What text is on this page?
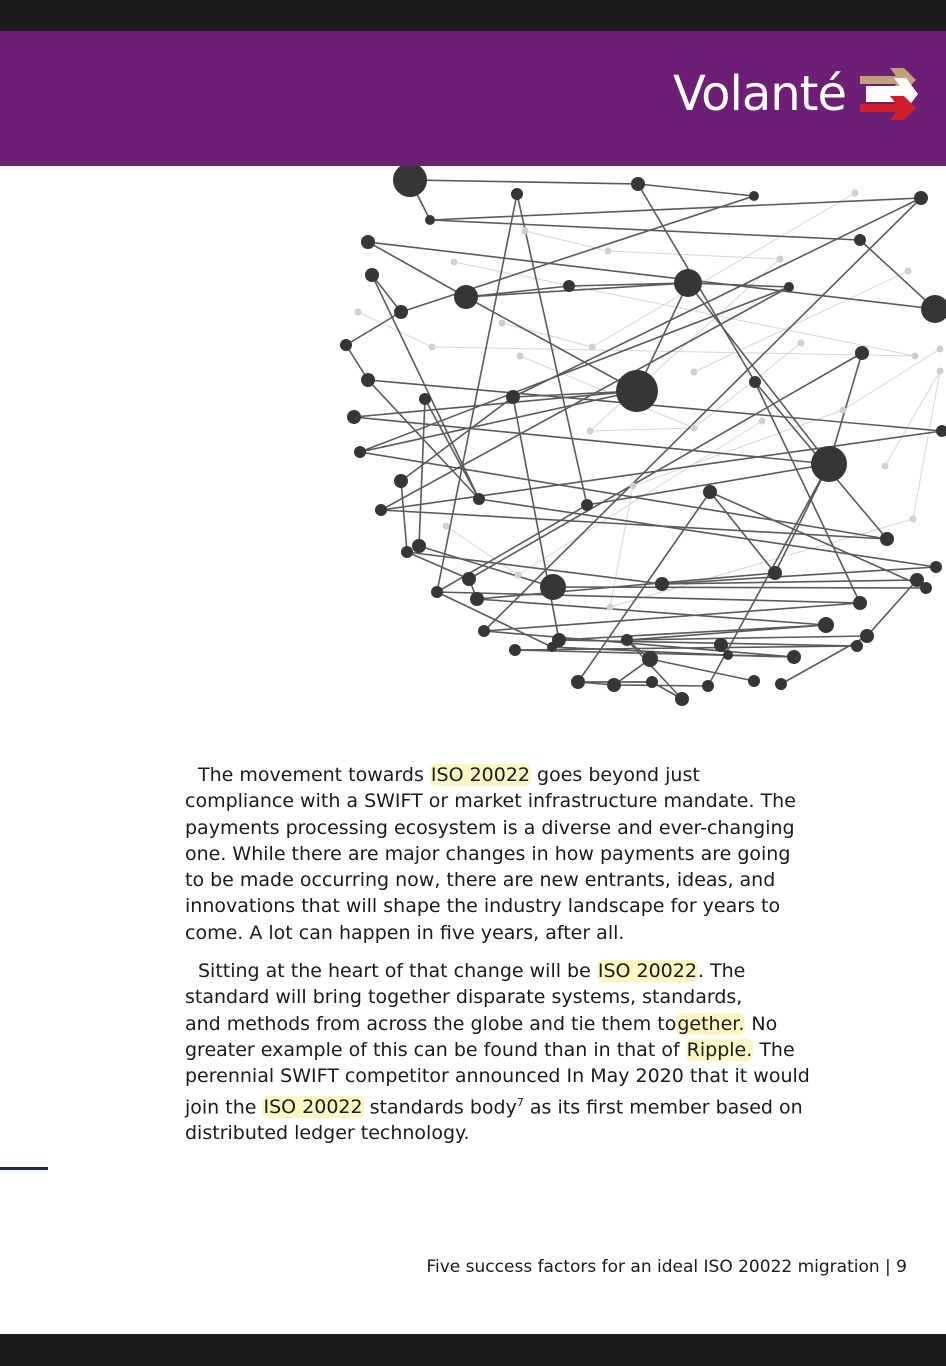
Volanté

The movement towards ISO 20022 goes beyond just
compliance with a SWIFT or market infrastructure mandate. The
payments processing ecosystem is a diverse and ever-changing
one. While there are major changes in how payments are going
to be made occurring now, there are new entrants, ideas, and
innovations that will shape the industry landscape for years to
come. A lot can happen in five years, after all.

Sitting at the heart of that change will be ISO 20022. The
standard will bring together disparate systems, standards,
and methods from across the globe and tie them together. No
greater example of this can be found than in that of Ripple. The
perennial SWIFT competitor announced In May 2020 that it would
join the ISO 20022 standards body$^7$ as its first member based on
distributed ledger technology.

Five success factors for an ideal ISO 20022 migration | 9
